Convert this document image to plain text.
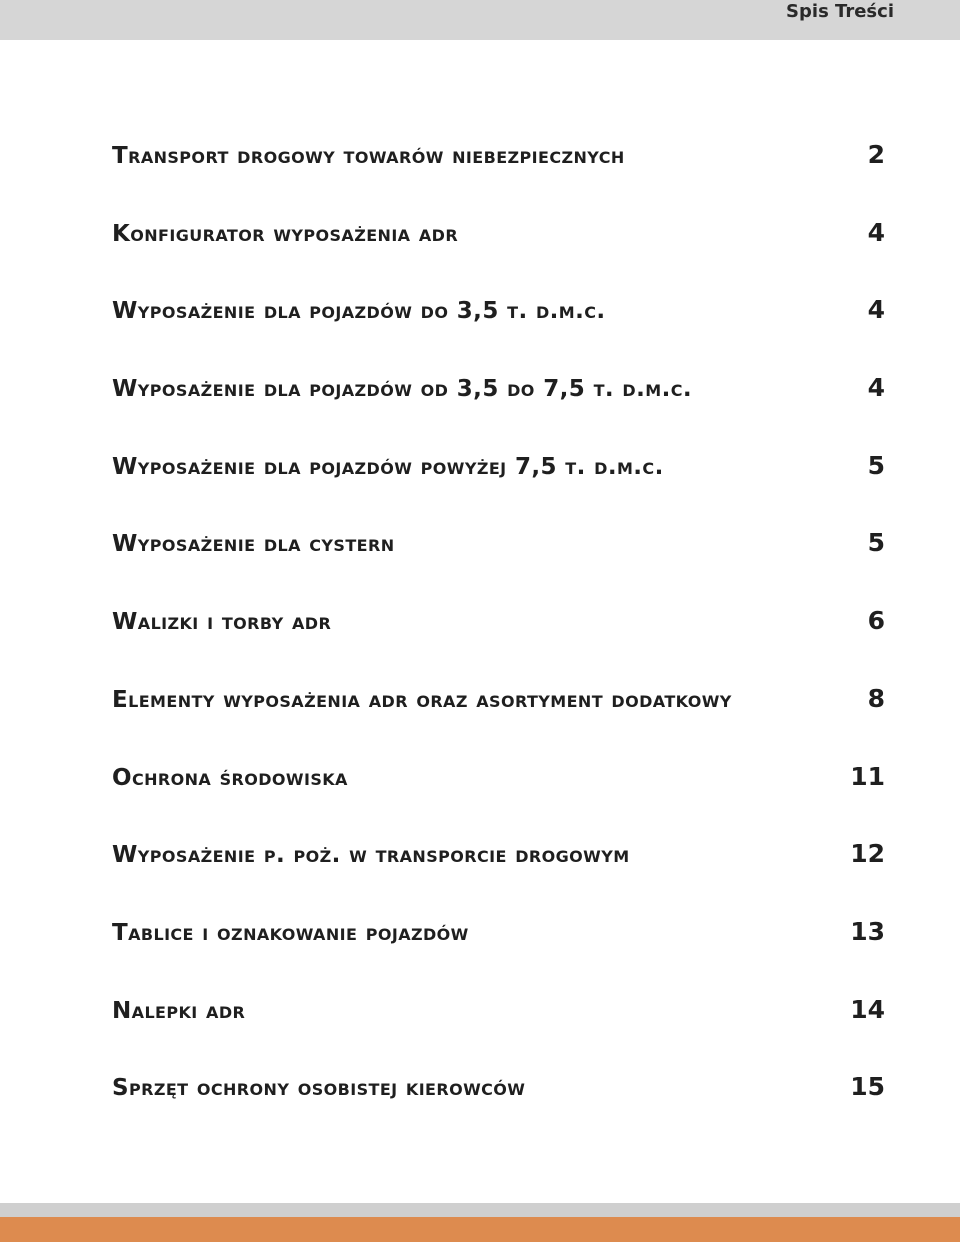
Spis Treści
Transport drogowy towarów niebezpiecznych	2
Konfigurator wyposażenia adr	4
Wyposażenie dla pojazdów do 3,5 t. d.m.c.	4
Wyposażenie dla pojazdów od 3,5 do 7,5 t. d.m.c.	4
Wyposażenie dla pojazdów powyżej 7,5 t. d.m.c.	5
Wyposażenie dla cystern	5
Walizki i torby adr	6
Elementy wyposażenia adr oraz asortyment dodatkowy	8
Ochrona środowiska	11
Wyposażenie p. poż. w transporcie drogowym	12
Tablice i oznakowanie pojazdów	13
Nalepki adr	14
Sprzęt ochrony osobistej kierowców	15
